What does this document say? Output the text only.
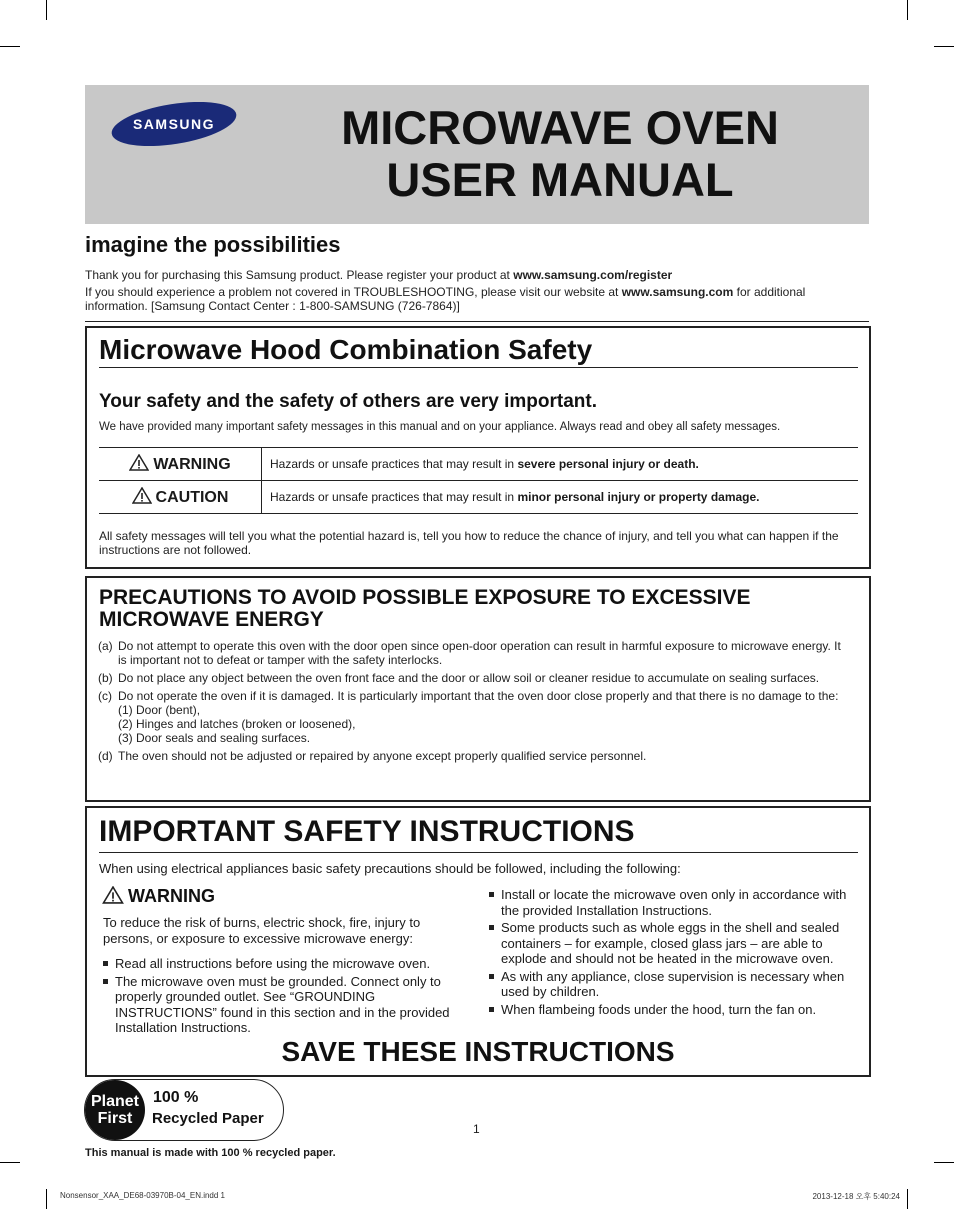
SAMSUNG	MICROWAVE OVEN
USER MANUAL
imagine the possibilities
Thank you for purchasing this Samsung product. Please register your product at www.samsung.com/register
If you should experience a problem not covered in TROUBLESHOOTING, please visit our website at www.samsung.com for additional
information. [Samsung Contact Center : 1-800-SAMSUNG (726-7864)]
Microwave Hood Combination Safety
Your safety and the safety of others are very important.
We have provided many important safety messages in this manual and on your appliance. Always read and obey all safety messages.
WARNING	Hazards or unsafe practices that may result in severe personal injury or death.
CAUTION	Hazards or unsafe practices that may result in minor personal injury or property damage.
All safety messages will tell you what the potential hazard is, tell you how to reduce the chance of injury, and tell you what can happen if the instructions are not followed.
PRECAUTIONS TO AVOID POSSIBLE EXPOSURE TO EXCESSIVE
MICROWAVE ENERGY
(a) Do not attempt to operate this oven with the door open since open-door operation can result in harmful exposure to microwave energy. It is important not to defeat or tamper with the safety interlocks.
(b) Do not place any object between the oven front face and the door or allow soil or cleaner residue to accumulate on sealing surfaces.
(c) Do not operate the oven if it is damaged. It is particularly important that the oven door close properly and that there is no damage to the:
(1) Door (bent),
(2) Hinges and latches (broken or loosened),
(3) Door seals and sealing surfaces.
(d) The oven should not be adjusted or repaired by anyone except properly qualified service personnel.
IMPORTANT SAFETY INSTRUCTIONS
When using electrical appliances basic safety precautions should be followed, including the following:
WARNING
To reduce the risk of burns, electric shock, fire, injury to persons, or exposure to excessive microwave energy:
Read all instructions before using the microwave oven.
The microwave oven must be grounded. Connect only to properly grounded outlet. See “GROUNDING INSTRUCTIONS” found in this section and in the provided Installation Instructions.
Install or locate the microwave oven only in accordance with the provided Installation Instructions.
Some products such as whole eggs in the shell and sealed containers – for example, closed glass jars – are able to explode and should not be heated in the microwave oven.
As with any appliance, close supervision is necessary when used by children.
When flambeing foods under the hood, turn the fan on.
SAVE THESE INSTRUCTIONS
Planet
First
100 %
Recycled Paper
1
This manual is made with 100 % recycled paper.
Nonsensor_XAA_DE68-03970B-04_EN.indd 1	2013-12-18 오후 5:40:24
